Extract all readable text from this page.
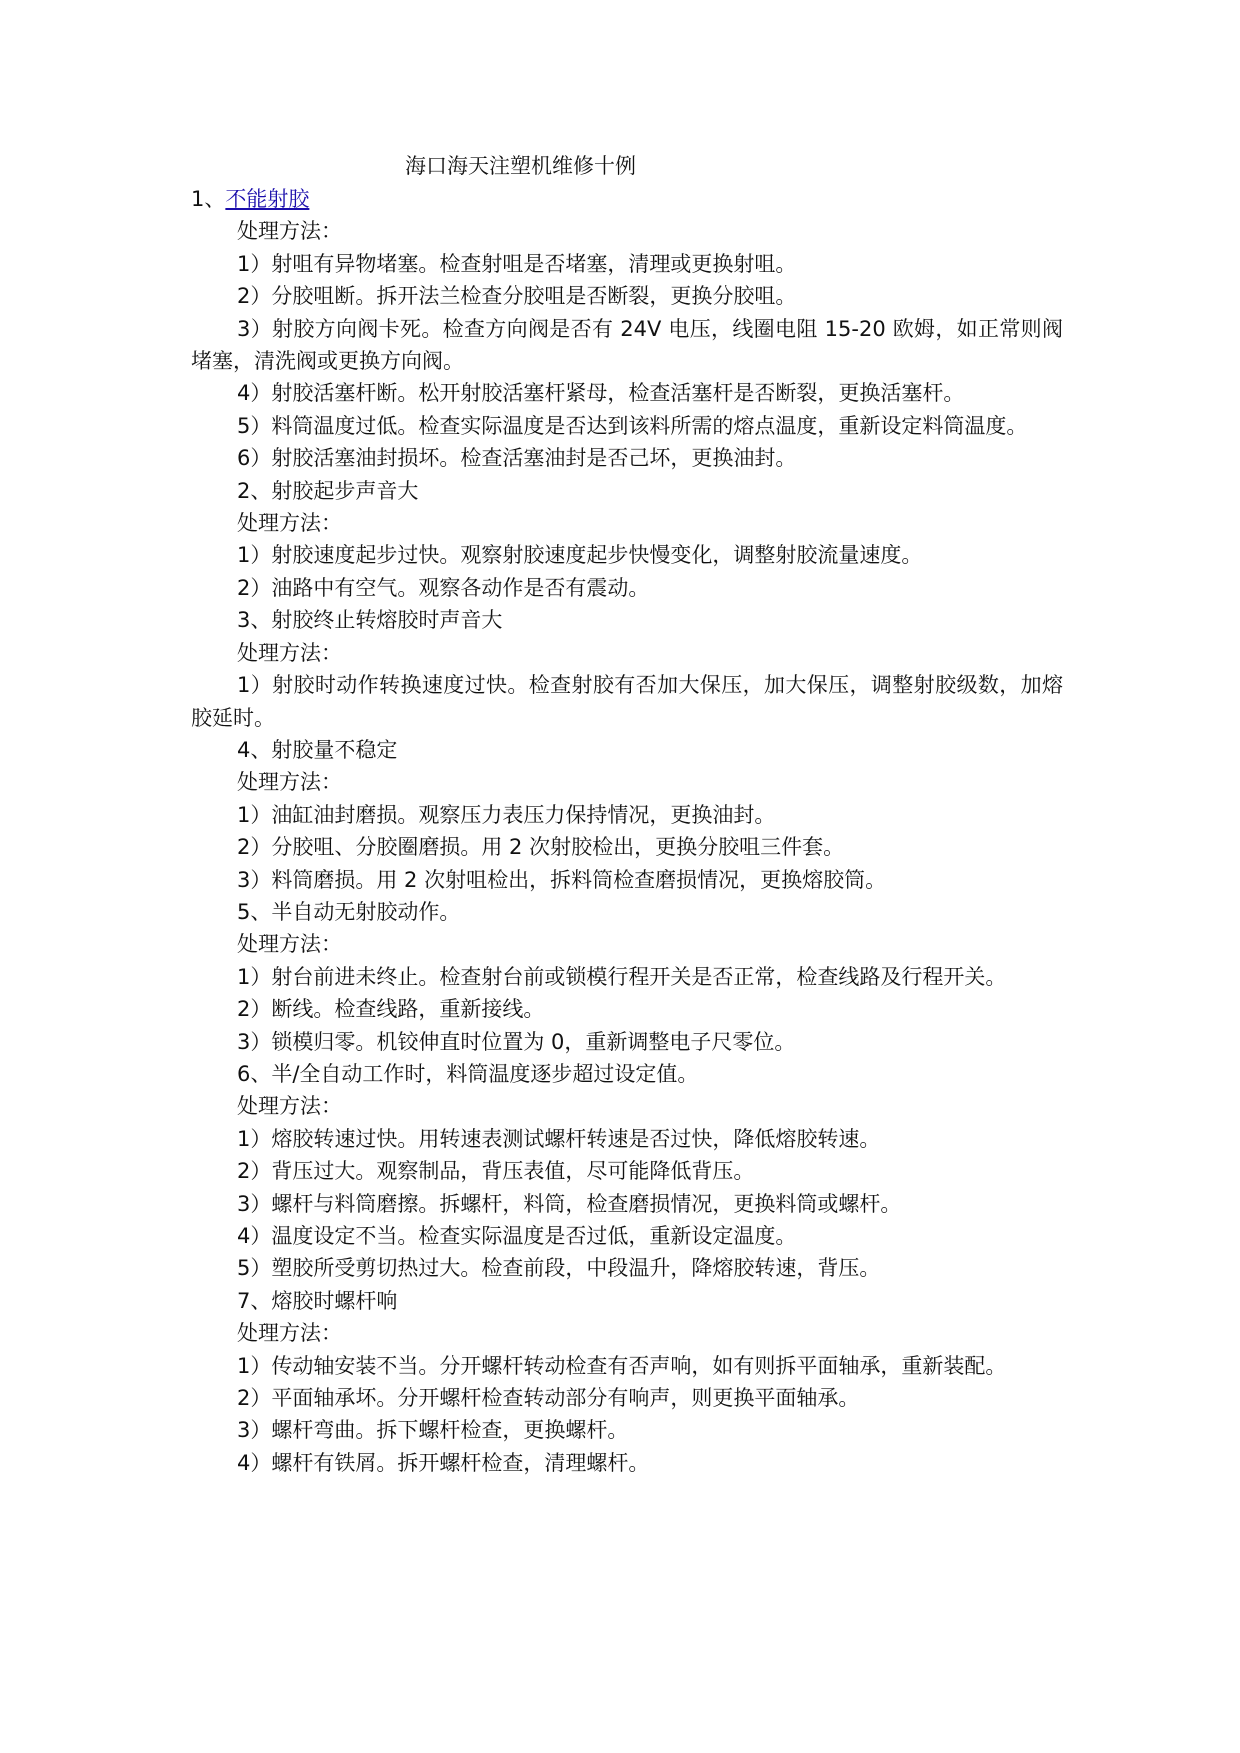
海口海天注塑机维修十例

1、不能射胶

处理方法：

1）射咀有异物堵塞。检查射咀是否堵塞，清理或更换射咀。

2）分胶咀断。拆开法兰检查分胶咀是否断裂，更换分胶咀。

3）射胶方向阀卡死。检查方向阀是否有 24V 电压，线圈电阻 15-20 欧姆，如正常则阀堵塞，清洗阀或更换方向阀。

4）射胶活塞杆断。松开射胶活塞杆紧母，检查活塞杆是否断裂，更换活塞杆。

5）料筒温度过低。检查实际温度是否达到该料所需的熔点温度，重新设定料筒温度。

6）射胶活塞油封损坏。检查活塞油封是否己坏，更换油封。

2、射胶起步声音大

处理方法：

1）射胶速度起步过快。观察射胶速度起步快慢变化，调整射胶流量速度。

2）油路中有空气。观察各动作是否有震动。

3、射胶终止转熔胶时声音大

处理方法：

1）射胶时动作转换速度过快。检查射胶有否加大保压，加大保压，调整射胶级数，加熔胶延时。

4、射胶量不稳定

处理方法：

1）油缸油封磨损。观察压力表压力保持情况，更换油封。

2）分胶咀、分胶圈磨损。用 2 次射胶检出，更换分胶咀三件套。

3）料筒磨损。用 2 次射咀检出，拆料筒检查磨损情况，更换熔胶筒。

5、半自动无射胶动作。

处理方法：

1）射台前进未终止。检查射台前或锁模行程开关是否正常，检查线路及行程开关。

2）断线。检查线路，重新接线。

3）锁模归零。机铰伸直时位置为 0，重新调整电子尺零位。

6、半/全自动工作时，料筒温度逐步超过设定值。

处理方法：

1）熔胶转速过快。用转速表测试螺杆转速是否过快，降低熔胶转速。

2）背压过大。观察制品，背压表值，尽可能降低背压。

3）螺杆与料筒磨擦。拆螺杆，料筒，检查磨损情况，更换料筒或螺杆。

4）温度设定不当。检查实际温度是否过低，重新设定温度。

5）塑胶所受剪切热过大。检查前段，中段温升，降熔胶转速，背压。

7、熔胶时螺杆响

处理方法：

1）传动轴安装不当。分开螺杆转动检查有否声响，如有则拆平面轴承，重新装配。

2）平面轴承坏。分开螺杆检查转动部分有响声，则更换平面轴承。

3）螺杆弯曲。拆下螺杆检查，更换螺杆。

4）螺杆有铁屑。拆开螺杆检查，清理螺杆。
